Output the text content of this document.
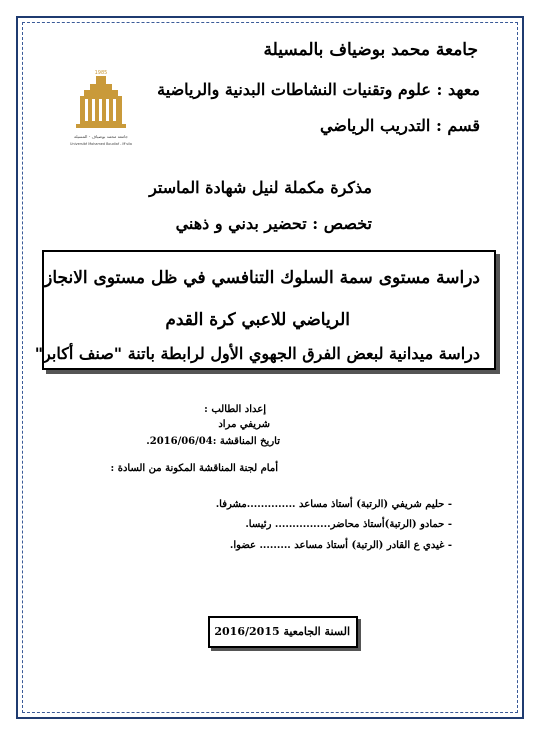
جامعة محمد بوضياف بالمسيلة
معهد : علوم وتقنيات النشاطات البدنية والرياضية
قسم : التدريب الرياضي
1985
جامعة محمد بوضياف - المسيلة
Université Mohamed Boudiaf - M'sila
مذكرة مكملة لنيل شهادة الماستر
تخصص : تحضير بدني و ذهني
دراسة مستوى سمة السلوك التنافسي في ظل مستوى الانجاز
الرياضي للاعبي كرة القدم
دراسة ميدانية لبعض الفرق الجهوي الأول لرابطة باتنة "صنف أكابر"
إعداد الطالب :
شريفي مراد
تاريخ المناقشة :2016/06/04.
أمام لجنة المناقشة المكونة من السادة :
- حليم شريفي (الرتبة) أستاذ مساعد ..............مشرفا.
- حمادو (الرتبة)أستاذ محاضر................ رئيسا.
- غيدي ع القادر (الرتبة) أستاذ مساعد ......... عضوا.
السنة الجامعية 2016/2015
